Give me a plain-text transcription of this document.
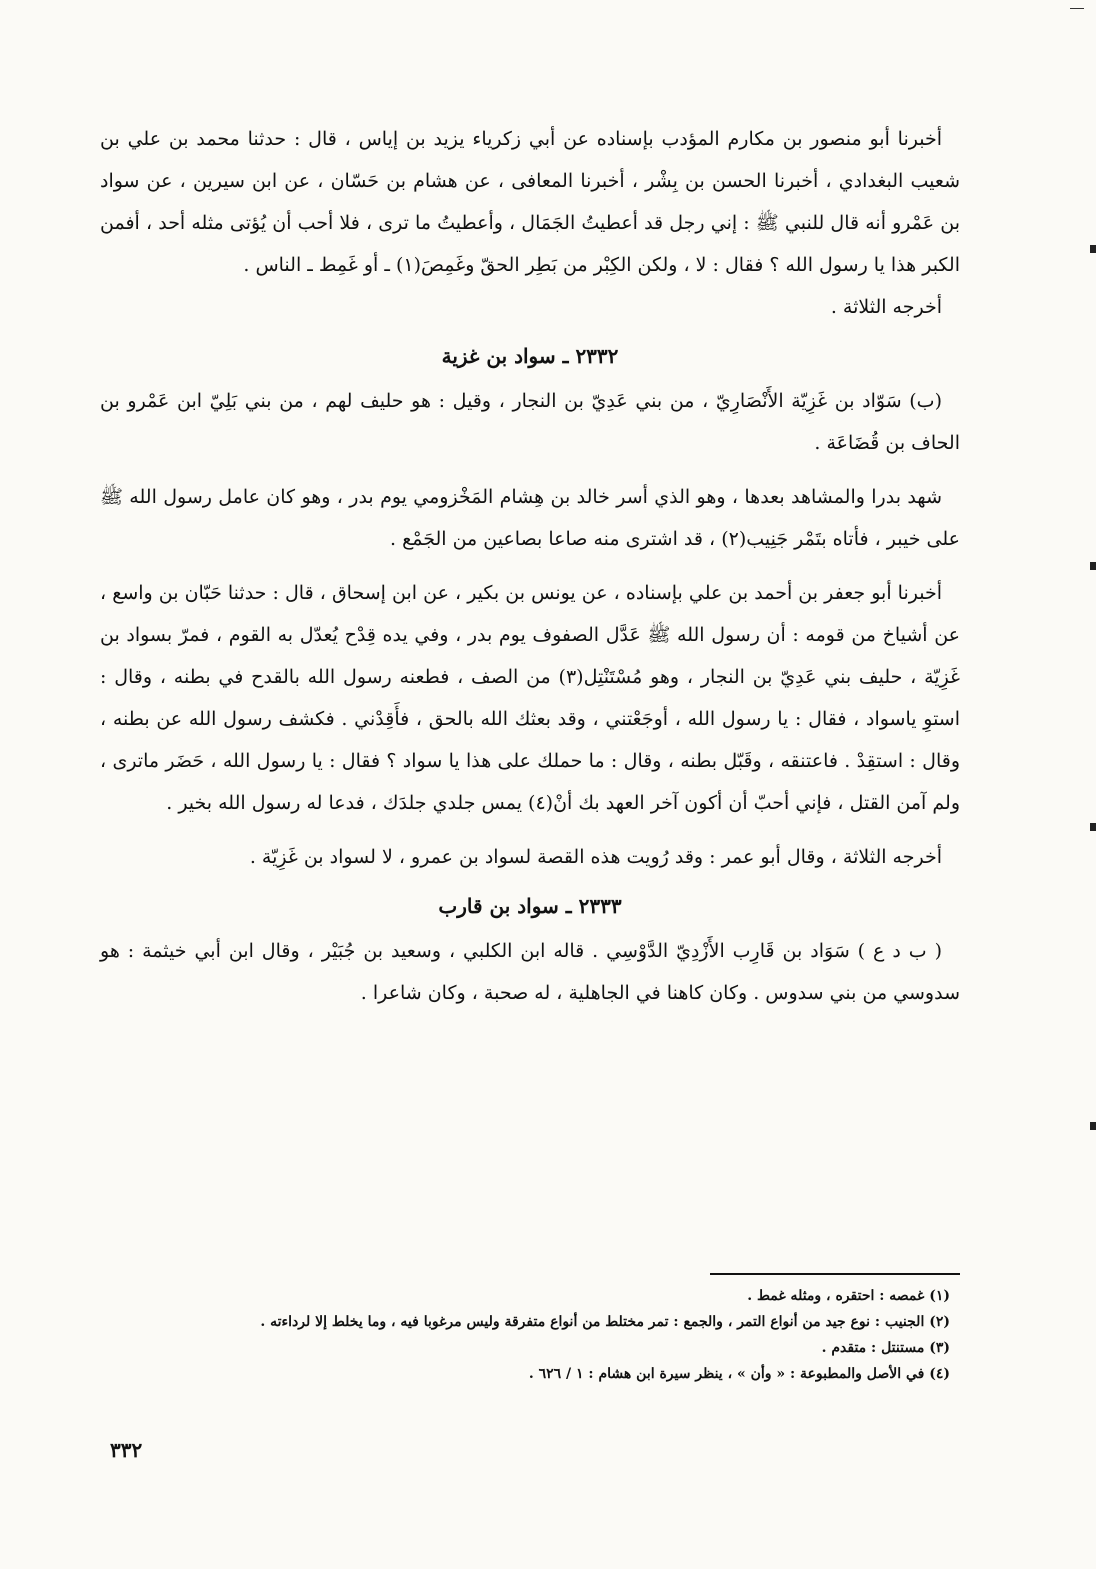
أخبرنا أبو منصور بن مكارم المؤدب بإسناده عن أبي زكرياء يزيد بن إياس ، قال : حدثنا محمد بن علي بن شعيب البغدادي ، أخبرنا الحسن بن بِشْر ، أخبرنا المعافى ، عن هشام بن حَسّان ، عن ابن سيرين ، عن سواد بن عَمْرو أنه قال للنبي ﷺ : إني رجل قد أعطيتُ الجَمَال ، وأعطيتُ ما ترى ، فلا أحب أن يُؤتى مثله أحد ، أفمن الكبر هذا يا رسول الله ؟ فقال : لا ، ولكن الكِبْر من بَطِر الحقّ وغَمِصَ(١) ـ أو غَمِط ـ الناس .

أخرجه الثلاثة .

٢٣٣٢ ـ سواد بن غزية

(ب) سَوّاد بن غَزِيّة الأَنْصَارِيّ ، من بني عَدِيّ بن النجار ، وقيل : هو حليف لهم ، من بني بَلِيّ ابن عَمْرو بن الحاف بن قُضَاعَة .

شهد بدرا والمشاهد بعدها ، وهو الذي أسر خالد بن هِشام المَخْزومي يوم بدر ، وهو كان عامل رسول الله ﷺ على خيبر ، فأتاه بتَمْر جَنِيب(٢) ، قد اشترى منه صاعا بصاعين من الجَمْع .

أخبرنا أبو جعفر بن أحمد بن علي بإسناده ، عن يونس بن بكير ، عن ابن إسحاق ، قال : حدثنا حَبّان بن واسع ، عن أشياخ من قومه : أن رسول الله ﷺ عَدَّل الصفوف يوم بدر ، وفي يده قِدْح يُعدّل به القوم ، فمرّ بسواد بن غَزِيّة ، حليف بني عَدِيّ بن النجار ، وهو مُسْتَنْتِل(٣) من الصف ، فطعنه رسول الله بالقدح في بطنه ، وقال : استوِ ياسواد ، فقال : يا رسول الله ، أوجَعْتني ، وقد بعثك الله بالحق ، فأَقِدْني . فكشف رسول الله عن بطنه ، وقال : استقِدْ . فاعتنقه ، وقَبّل بطنه ، وقال : ما حملك على هذا يا سواد ؟ فقال : يا رسول الله ، حَضَر ماترى ، ولم آمن القتل ، فإني أحبّ أن أكون آخر العهد بك أنْ(٤) يمس جلدي جلدَك ، فدعا له رسول الله بخير .

أخرجه الثلاثة ، وقال أبو عمر : وقد رُويت هذه القصة لسواد بن عمرو ، لا لسواد بن غَزِيّة .

٢٣٣٣ ـ سواد بن قارب

( ب د ع ) سَوَاد بن قَارِب الأَزْدِيّ الدَّوْسِي . قاله ابن الكلبي ، وسعيد بن جُبَيْر ، وقال ابن أبي خيثمة : هو سدوسي من بني سدوس . وكان كاهنا في الجاهلية ، له صحبة ، وكان شاعرا .

(١) غمصه : احتقره ، ومثله غمط .

(٢) الجنيب : نوع جيد من أنواع التمر ، والجمع : تمر مختلط من أنواع متفرقة وليس مرغوبا فيه ، وما يخلط إلا لرداءته .

(٣) مستنتل : متقدم .

(٤) في الأصل والمطبوعة : « وأن » ، ينظر سيرة ابن هشام : ١ / ٦٢٦ .

٣٣٢
